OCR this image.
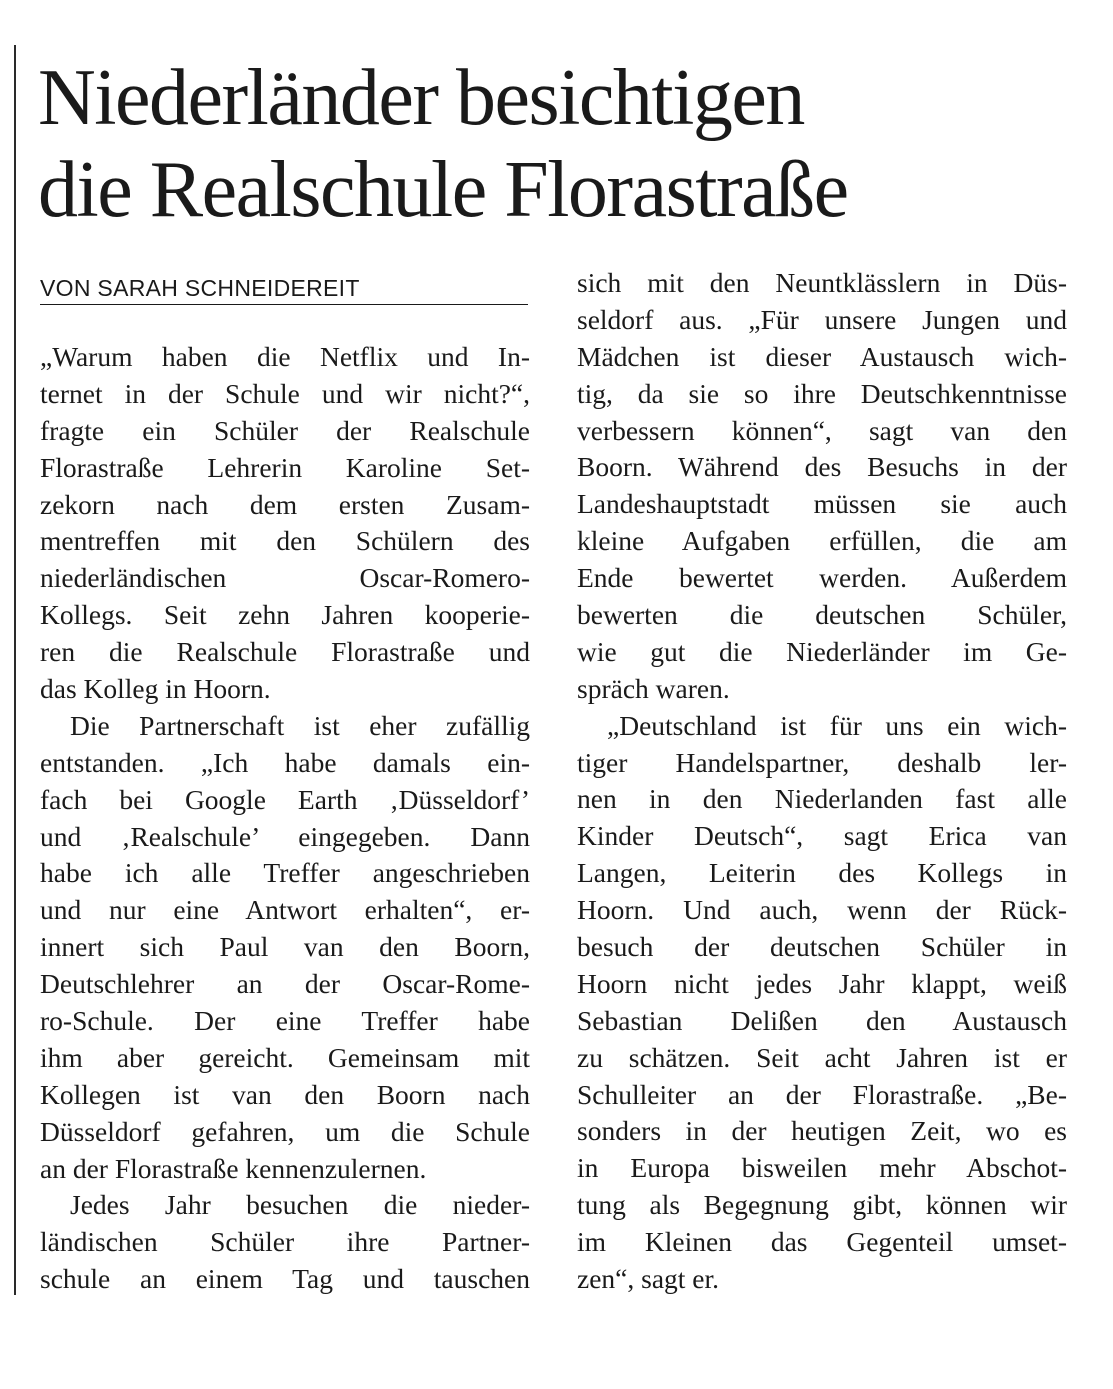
Niederländer besichtigen
die Realschule Florastraße
VON SARAH SCHNEIDEREIT
„Warum haben die Netflix und In-
ternet in der Schule und wir nicht?“,
fragte ein Schüler der Realschule
Florastraße Lehrerin Karoline Set-
zekorn nach dem ersten Zusam-
mentreffen mit den Schülern des
niederländischen Oscar-Romero-
Kollegs. Seit zehn Jahren kooperie-
ren die Realschule Florastraße und
das Kolleg in Hoorn.
Die Partnerschaft ist eher zufällig
entstanden. „Ich habe damals ein-
fach bei Google Earth ‚Düsseldorf’
und ‚Realschule’ eingegeben. Dann
habe ich alle Treffer angeschrieben
und nur eine Antwort erhalten“, er-
innert sich Paul van den Boorn,
Deutschlehrer an der Oscar-Rome-
ro-Schule. Der eine Treffer habe
ihm aber gereicht. Gemeinsam mit
Kollegen ist van den Boorn nach
Düsseldorf gefahren, um die Schule
an der Florastraße kennenzulernen.
Jedes Jahr besuchen die nieder-
ländischen Schüler ihre Partner-
schule an einem Tag und tauschen
sich mit den Neuntklässlern in Düs-
seldorf aus. „Für unsere Jungen und
Mädchen ist dieser Austausch wich-
tig, da sie so ihre Deutschkenntnisse
verbessern können“, sagt van den
Boorn. Während des Besuchs in der
Landeshauptstadt müssen sie auch
kleine Aufgaben erfüllen, die am
Ende bewertet werden. Außerdem
bewerten die deutschen Schüler,
wie gut die Niederländer im Ge-
spräch waren.
„Deutschland ist für uns ein wich-
tiger Handelspartner, deshalb ler-
nen in den Niederlanden fast alle
Kinder Deutsch“, sagt Erica van
Langen, Leiterin des Kollegs in
Hoorn. Und auch, wenn der Rück-
besuch der deutschen Schüler in
Hoorn nicht jedes Jahr klappt, weiß
Sebastian Delißen den Austausch
zu schätzen. Seit acht Jahren ist er
Schulleiter an der Florastraße. „Be-
sonders in der heutigen Zeit, wo es
in Europa bisweilen mehr Abschot-
tung als Begegnung gibt, können wir
im Kleinen das Gegenteil umset-
zen“, sagt er.
